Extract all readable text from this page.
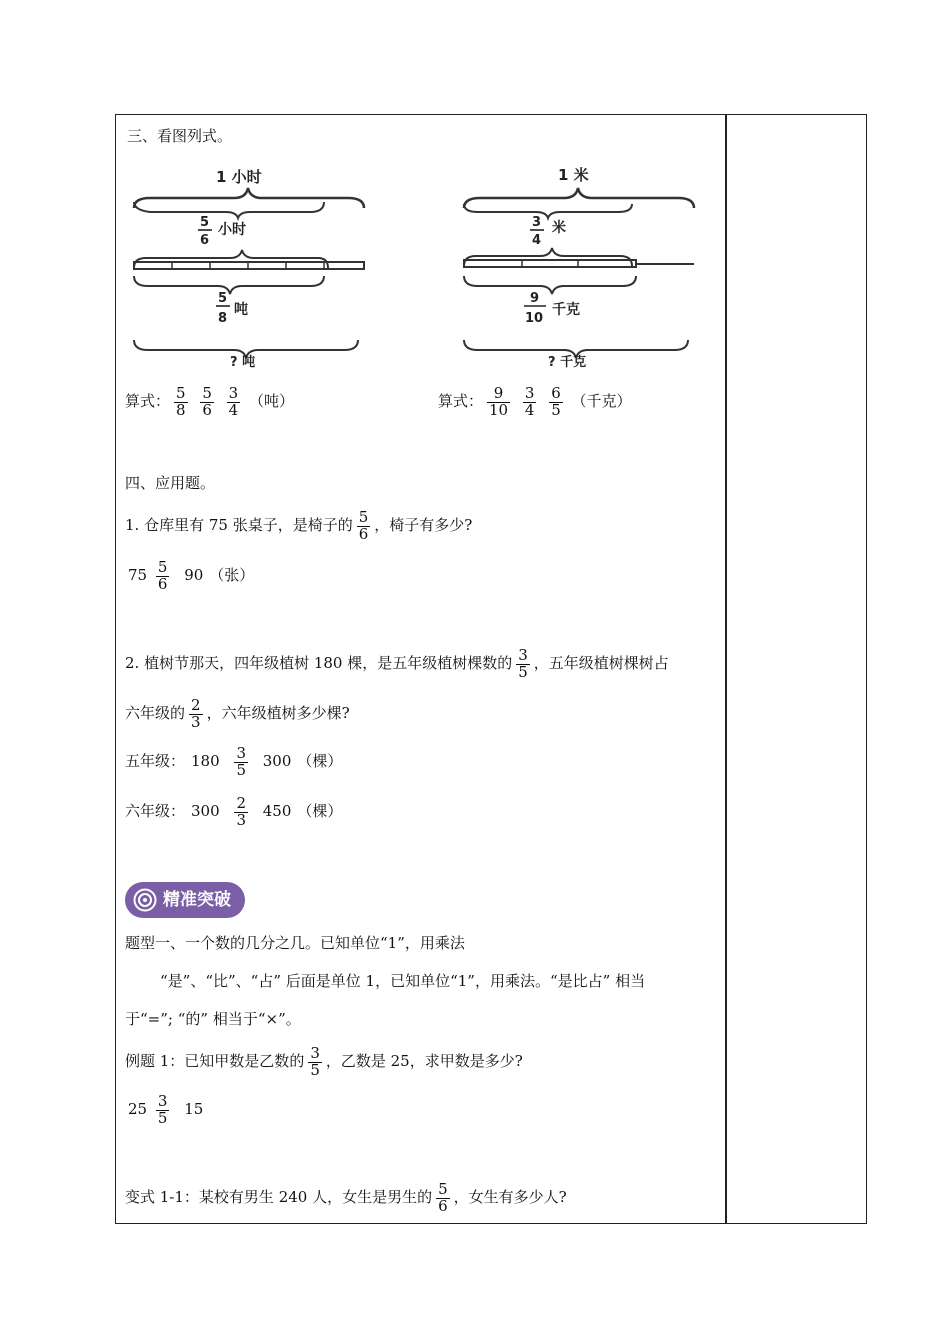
三、看图列式。
1 小时
5
6
小时
5
8
吨
? 吨
1 米
3
4
米
9
10
千克
? 千克
算式： $\frac{5}{8}$
$\frac{5}{6}$
$\frac{3}{4}$ （吨）	算式： $\frac{9}{10}$
$\frac{3}{4}$
$\frac{6}{5}$ （千克）
四、应用题。
1. 仓库里有 75 张桌子，是椅子的 $\frac{5}{6}$ ，椅子有多少?
$75 \frac{5}{6} 90$ （张）
2. 植树节那天，四年级植树 180 棵，是五年级植树棵数的 $\frac{3}{5}$ ，五年级植树棵树占
六年级的 $\frac{2}{3}$ ，六年级植树多少棵?
五年级： $180 \frac{3}{5} 300$ （棵）
六年级： $300 \frac{2}{3} 450$ （棵）
精准突破
题型一、一个数的几分之几。已知单位“1”，用乘法
“是”、“比”、“占” 后面是单位 1，已知单位“1”，用乘法。“是比占” 相当
于“=”; “的” 相当于“×”。
例题 1：已知甲数是乙数的 $\frac{3}{5}$ ，乙数是 25，求甲数是多少?
$25 \frac{3}{5} 15$
变式 1-1：某校有男生 240 人，女生是男生的 $\frac{5}{6}$ ，女生有多少人?
